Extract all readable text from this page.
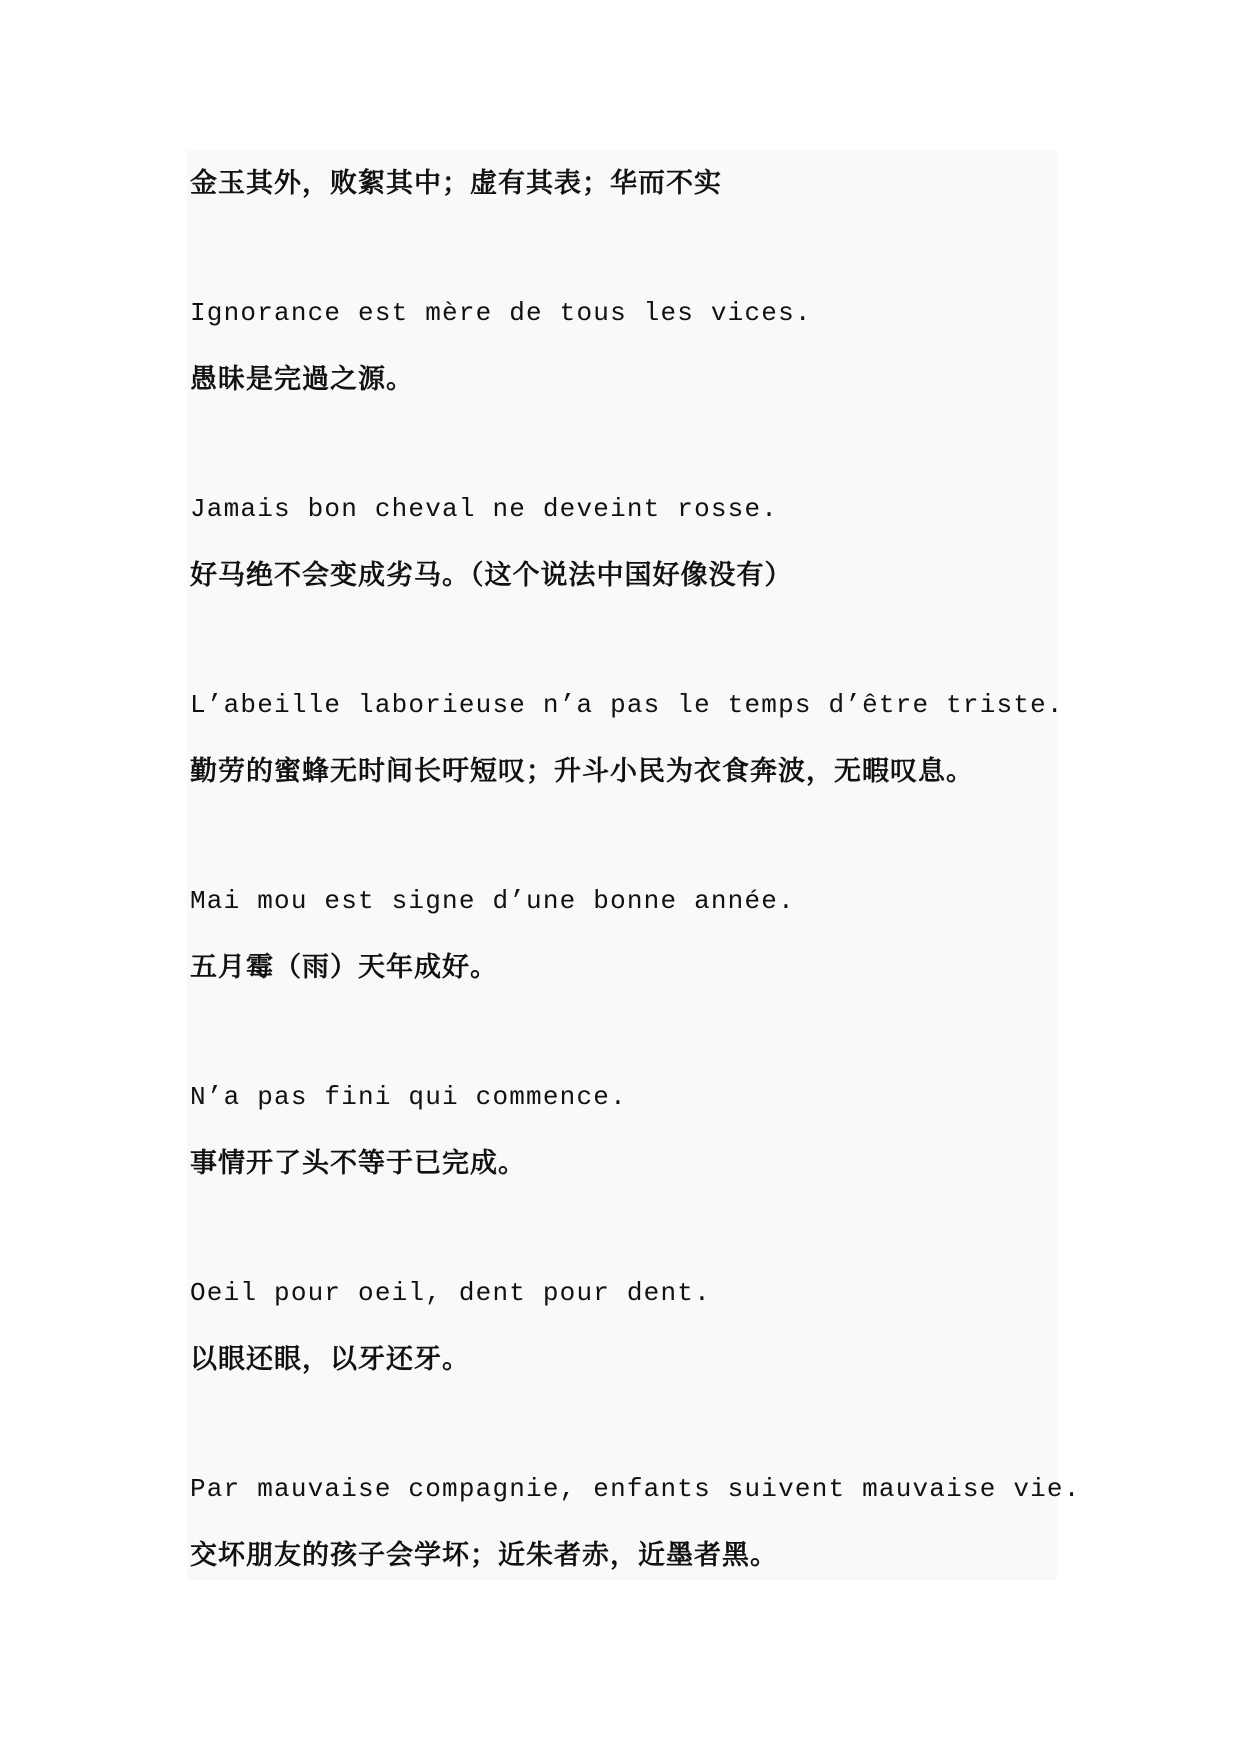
金玉其外，败絮其中；虚有其表；华而不实
Ignorance est mère de tous les vices.
愚昧是完過之源。
Jamais bon cheval ne deveint rosse.
好马绝不会变成劣马。（这个说法中国好像没有）
L’abeille laborieuse n’a pas le temps d’être triste.
勤劳的蜜蜂无时间长吁短叹；升斗小民为衣食奔波，无暇叹息。
Mai mou est signe d’une bonne année.
五月霉（雨）天年成好。
N’a pas fini qui commence.
事情开了头不等于已完成。
Oeil pour oeil, dent pour dent.
以眼还眼，以牙还牙。
Par mauvaise compagnie, enfants suivent mauvaise vie.
交坏朋友的孩子会学坏；近朱者赤，近墨者黑。
